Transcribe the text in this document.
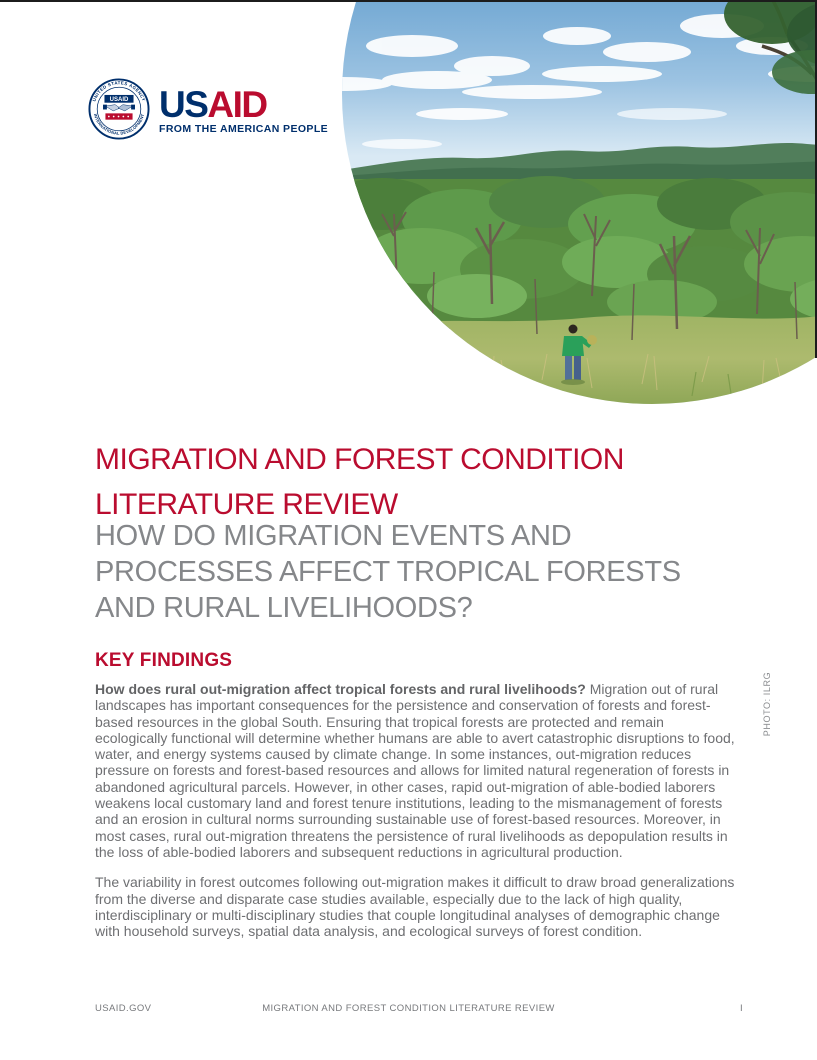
UNITED STATES AGENCY
INTERNATIONAL DEVELOPMENT
USAID USAID
FROM THE AMERICAN PEOPLE
MIGRATION AND FOREST CONDITION
LITERATURE REVIEW
HOW DO MIGRATION EVENTS AND
PROCESSES AFFECT TROPICAL FORESTS
AND RURAL LIVELIHOODS?
KEY FINDINGS

How does rural out-migration affect tropical forests and rural livelihoods? Migration out of rural landscapes has important consequences for the persistence and conservation of forests and forest-based resources in the global South. Ensuring that tropical forests are protected and remain ecologically functional will determine whether humans are able to avert catastrophic disruptions to food, water, and energy systems caused by climate change. In some instances, out-migration reduces pressure on forests and forest-based resources and allows for limited natural regeneration of forests in abandoned agricultural parcels. However, in other cases, rapid out-migration of able-bodied laborers weakens local customary land and forest tenure institutions, leading to the mismanagement of forests and an erosion in cultural norms surrounding sustainable use of forest-based resources. Moreover, in most cases, rural out-migration threatens the persistence of rural livelihoods as depopulation results in the loss of able-bodied laborers and subsequent reductions in agricultural production.

The variability in forest outcomes following out-migration makes it difficult to draw broad generalizations from the diverse and disparate case studies available, especially due to the lack of high quality, interdisciplinary or multi-disciplinary studies that couple longitudinal analyses of demographic change with household surveys, spatial data analysis, and ecological surveys of forest condition.

PHOTO: ILRG
USAID.GOV	MIGRATION AND FOREST CONDITION LITERATURE REVIEW	I
